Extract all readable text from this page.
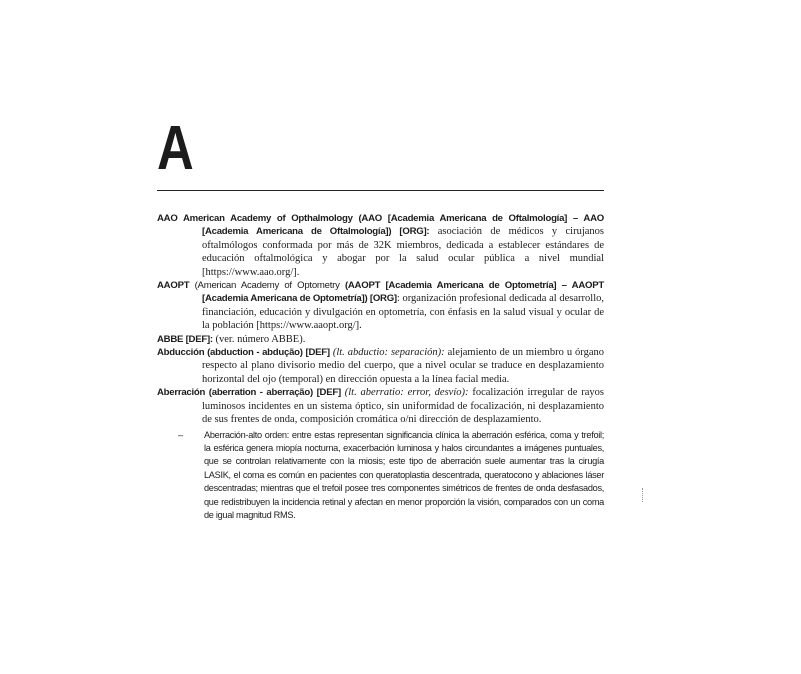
A
AAO American Academy of Opthalmology (AAO [Academia Americana de Oftalmología] – AAO [Academia Americana de Oftalmología]) [ORG]: asociación de médicos y cirujanos oftalmólogos conformada por más de 32K miembros, dedicada a establecer estándares de educación oftalmológica y abogar por la salud ocular pública a nivel mundial [https://www.aao.org/].
AAOPT (American Academy of Optometry (AAOPT [Academia Americana de Optometría] – AAOPT [Academia Americana de Optometría]) [ORG]: organización profesional dedicada al desarrollo, financiación, educación y divulgación en optometría, con énfasis en la salud visual y ocular de la población [https://www.aaopt.org/].
ABBE [DEF]: (ver. número ABBE).
Abducción (abduction - abdução) [DEF] (lt. abductio: separación): alejamiento de un miembro u órgano respecto al plano divisorio medio del cuerpo, que a nivel ocular se traduce en desplazamiento horizontal del ojo (temporal) en dirección opuesta a la línea facial media.
Aberración (aberration - aberração) [DEF] (lt. aberratio: error, desvío): focalización irregular de rayos luminosos incidentes en un sistema óptico, sin uniformidad de focalización, ni desplazamiento de sus frentes de onda, composición cromática o/ni dirección de desplazamiento.
– Aberración-alto orden: entre estas representan significancia clínica la aberración esférica, coma y trefoil; la esférica genera miopía nocturna, exacerbación luminosa y halos circundantes a imágenes puntuales, que se controlan relativamente con la miosis; este tipo de aberración suele aumentar tras la cirugía LASIK, el coma es común en pacientes con queratoplastia descentrada, queratocono y ablaciones láser descentradas; mientras que el trefoil posee tres componentes simétricos de frentes de onda desfasados, que redistribuyen la incidencia retinal y afectan en menor proporción la visión, comparados con un coma de igual magnitud RMS.
